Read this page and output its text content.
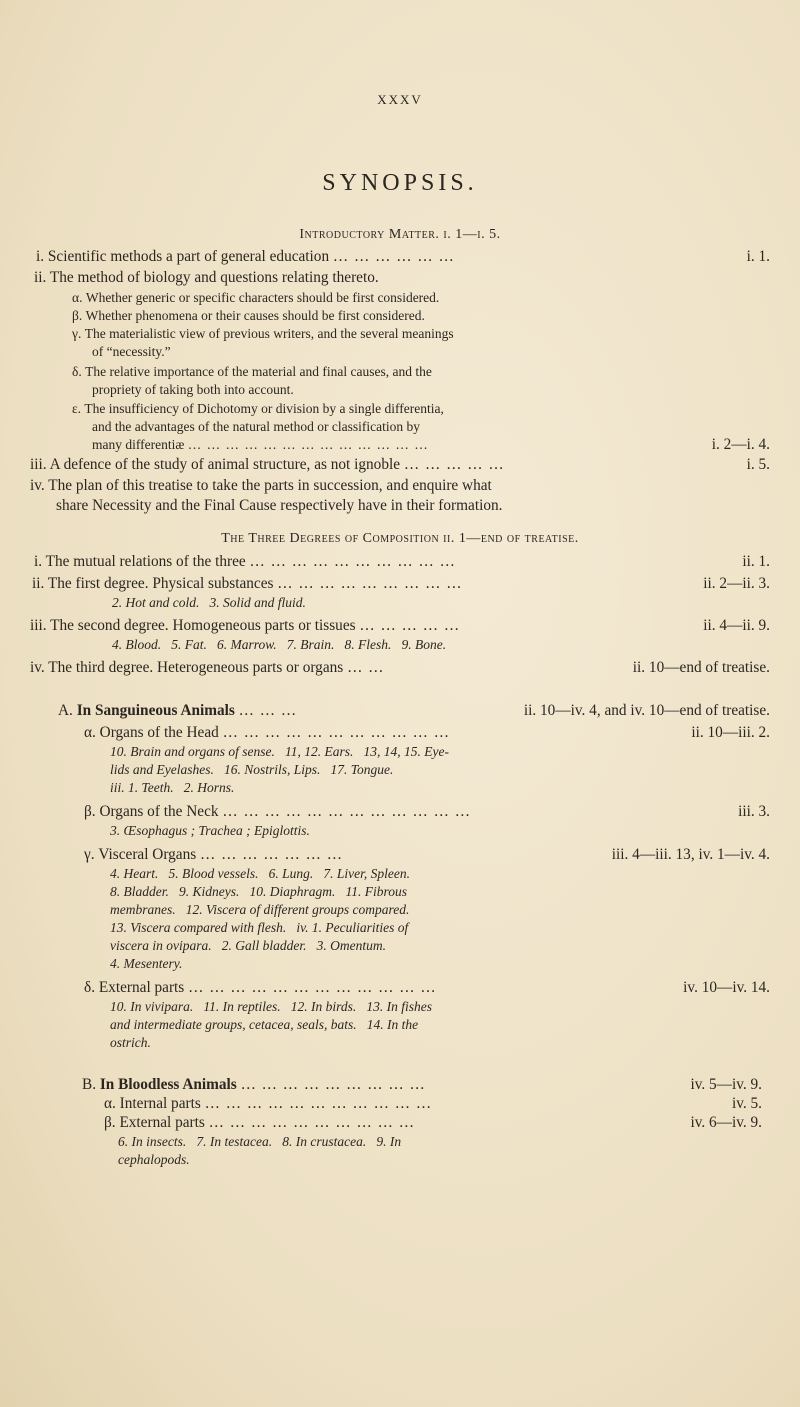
XXXV
SYNOPSIS.
Introductory Matter. i. 1—i. 5.
i. Scientific methods a part of general education … … … … … …	i. 1.
ii. The method of biology and questions relating thereto.
α. Whether generic or specific characters should be first considered.
β. Whether phenomena or their causes should be first considered.
γ. The materialistic view of previous writers, and the several meanings
of “necessity.”
δ. The relative importance of the material and final causes, and the
propriety of taking both into account.
ε. The insufficiency of Dichotomy or division by a single differentia,
and the advantages of the natural method or classification by
many differentiæ … … … … … … … … … … … … …	i. 2—i. 4.
iii. A defence of the study of animal structure, as not ignoble … … … … …	i. 5.
iv. The plan of this treatise to take the parts in succession, and enquire what
share Necessity and the Final Cause respectively have in their formation.
The Three Degrees of Composition ii. 1—end of treatise.
i. The mutual relations of the three … … … … … … … … … …	ii. 1.
ii. The first degree. Physical substances … … … … … … … … …	ii. 2—ii. 3.
2. Hot and cold.   3. Solid and fluid.
iii. The second degree. Homogeneous parts or tissues … … … … …	ii. 4—ii. 9.
4. Blood.   5. Fat.   6. Marrow.   7. Brain.   8. Flesh.   9. Bone.
iv. The third degree. Heterogeneous parts or organs … …	ii. 10—end of treatise.
A. In Sanguineous Animals … … …	ii. 10—iv. 4, and iv. 10—end of treatise.
α. Organs of the Head … … … … … … … … … … …	ii. 10—iii. 2.
10. Brain and organs of sense.   11, 12. Ears.   13, 14, 15. Eye-
lids and Eyelashes.   16. Nostrils, Lips.   17. Tongue.
iii. 1. Teeth.   2. Horns.
β. Organs of the Neck … … … … … … … … … … … …	iii. 3.
3. Œsophagus ; Trachea ; Epiglottis.
γ. Visceral Organs … … … … … … …	iii. 4—iii. 13, iv. 1—iv. 4.
4. Heart.   5. Blood vessels.   6. Lung.   7. Liver, Spleen.
8. Bladder.   9. Kidneys.   10. Diaphragm.   11. Fibrous
membranes.   12. Viscera of different groups compared.
13. Viscera compared with flesh.   iv. 1. Peculiarities of
viscera in ovipara.   2. Gall bladder.   3. Omentum.
4. Mesentery.
δ. External parts … … … … … … … … … … … …	iv. 10—iv. 14.
10. In vivipara.   11. In reptiles.   12. In birds.   13. In fishes
and intermediate groups, cetacea, seals, bats.   14. In the
ostrich.
B. In Bloodless Animals … … … … … … … … …	iv. 5—iv. 9.
α. Internal parts … … … … … … … … … … …	iv. 5.
β. External parts … … … … … … … … … …	iv. 6—iv. 9.
6. In insects.   7. In testacea.   8. In crustacea.   9. In
cephalopods.
